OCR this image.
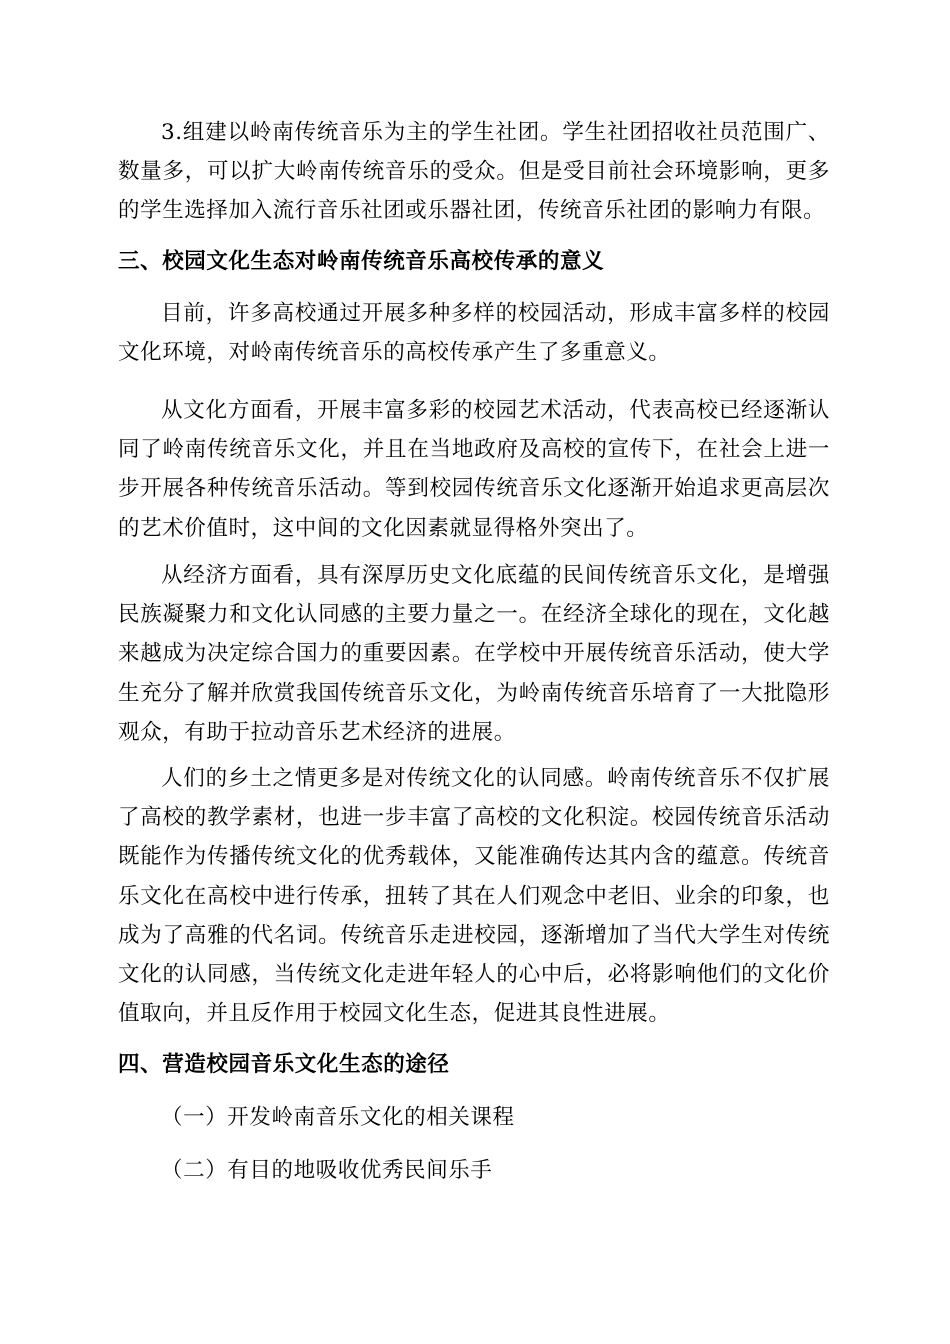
3.组建以岭南传统音乐为主的学生社团。学生社团招收社员范围广、数量多，可以扩大岭南传统音乐的受众。但是受目前社会环境影响，更多的学生选择加入流行音乐社团或乐器社团，传统音乐社团的影响力有限。

三、校园文化生态对岭南传统音乐高校传承的意义

目前，许多高校通过开展多种多样的校园活动，形成丰富多样的校园文化环境，对岭南传统音乐的高校传承产生了多重意义。

从文化方面看，开展丰富多彩的校园艺术活动，代表高校已经逐渐认同了岭南传统音乐文化，并且在当地政府及高校的宣传下，在社会上进一步开展各种传统音乐活动。等到校园传统音乐文化逐渐开始追求更高层次的艺术价值时，这中间的文化因素就显得格外突出了。

从经济方面看，具有深厚历史文化底蕴的民间传统音乐文化，是增强民族凝聚力和文化认同感的主要力量之一。在经济全球化的现在，文化越来越成为决定综合国力的重要因素。在学校中开展传统音乐活动，使大学生充分了解并欣赏我国传统音乐文化，为岭南传统音乐培育了一大批隐形观众，有助于拉动音乐艺术经济的进展。

人们的乡土之情更多是对传统文化的认同感。岭南传统音乐不仅扩展了高校的教学素材，也进一步丰富了高校的文化积淀。校园传统音乐活动既能作为传播传统文化的优秀载体，又能准确传达其内含的蕴意。传统音乐文化在高校中进行传承，扭转了其在人们观念中老旧、业余的印象，也成为了高雅的代名词。传统音乐走进校园，逐渐增加了当代大学生对传统文化的认同感，当传统文化走进年轻人的心中后，必将影响他们的文化价值取向，并且反作用于校园文化生态，促进其良性进展。

四、营造校园音乐文化生态的途径

（一）开发岭南音乐文化的相关课程

（二）有目的地吸收优秀民间乐手
